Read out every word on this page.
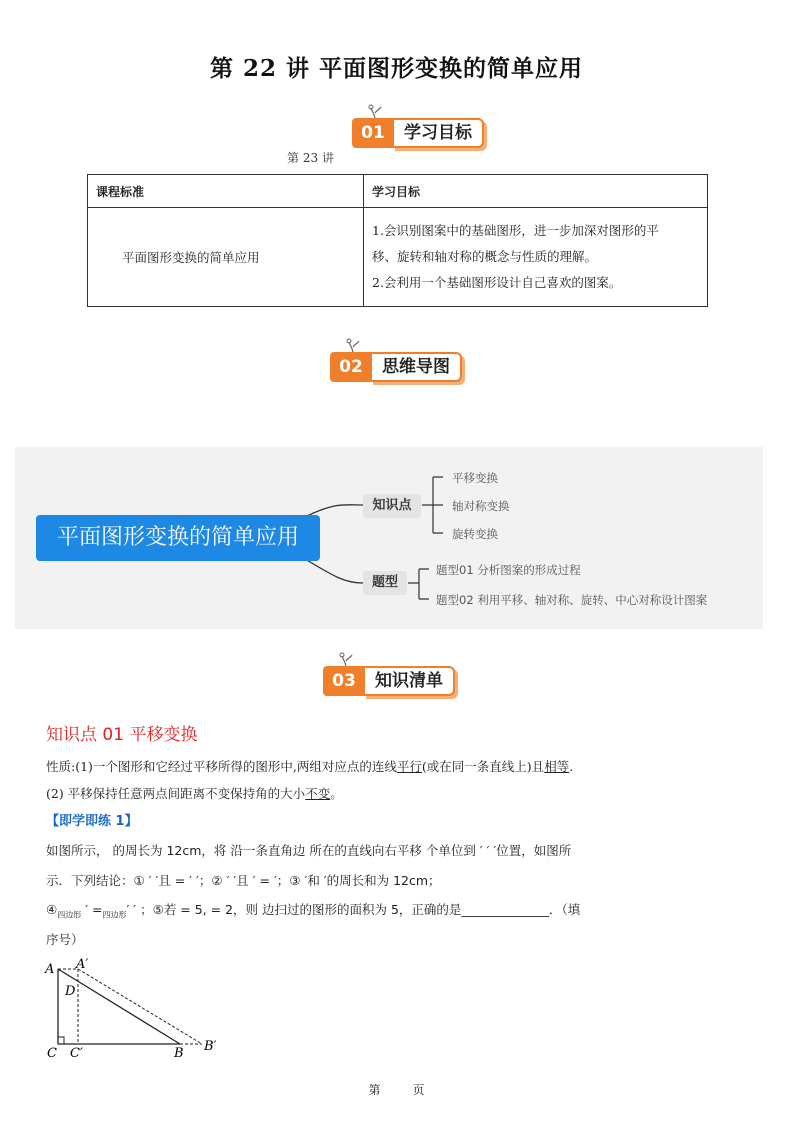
第 22 讲 平面图形变换的简单应用
01	学习目标
第 23 讲
课程标准	学习目标
平面图形变换的简单应用	1.会识别图案中的基础图形，进一步加深对图形的平
移、旋转和轴对称的概念与性质的理解。
2.会利用一个基础图形设计自己喜欢的图案。
02	思维导图
平面图形变换的简单应用
知识点
题型
平移变换
轴对称变换
旋转变换
题型01 分析图案的形成过程
题型02 利用平移、轴对称、旋转、中心对称设计图案
03	知识清单
知识点 01 平移变换
性质:(1)一个图形和它经过平移所得的图形中,两组对应点的连线平行(或在同一条直线上)且相等.
(2) 平移保持任意两点间距离不变保持角的大小不变。
【即学即练 1】
如图所示， 的周长为 12cm，将 沿一条直角边 所在的直线向右平移 个单位到 ′ ′ ′位置，如图所
示．下列结论：① ′ ′且 = ′ ′；② ′ ′且 ′ = ′；③ ′和 ′的周长和为 12cm；
$④_{四边形}$ ′ $=_{四边形}'$ ′ ；⑤若 = 5, = 2，则 边扫过的图形的面积为 5，正确的是______________．（填
序号）
A A′
D
C C′	B B′
第	页
